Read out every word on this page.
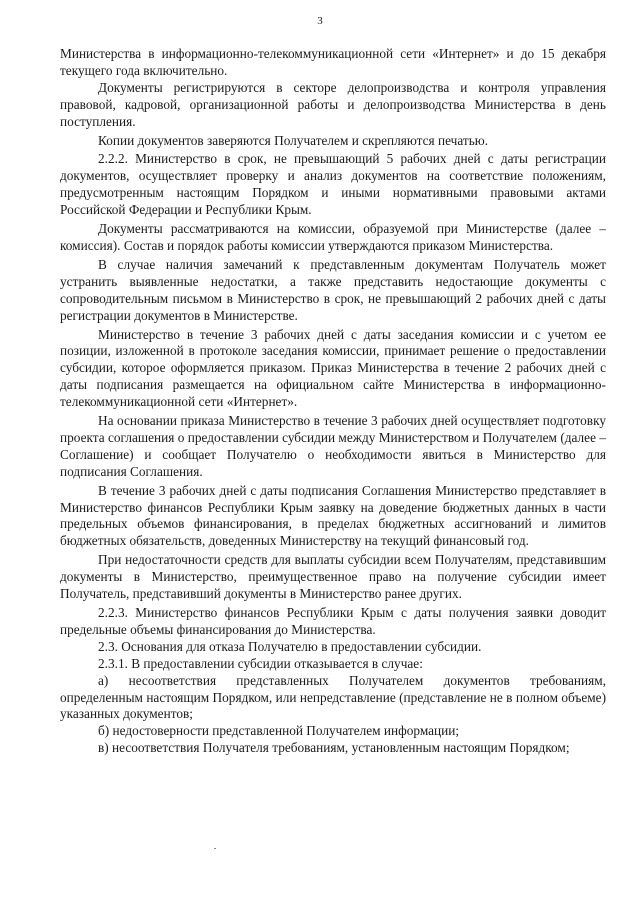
3

Министерства в информационно-телекоммуникационной сети «Интернет» и до 15 декабря текущего года включительно.

Документы регистрируются в секторе делопроизводства и контроля управления правовой, кадровой, организационной работы и делопроизводства Министерства в день поступления.

Копии документов заверяются Получателем и скрепляются печатью.

2.2.2. Министерство в срок, не превышающий 5 рабочих дней с даты регистрации документов, осуществляет проверку и анализ документов на соответствие положениям, предусмотренным настоящим Порядком и иными нормативными правовыми актами Российской Федерации и Республики Крым.

Документы рассматриваются на комиссии, образуемой при Министерстве (далее – комиссия). Состав и порядок работы комиссии утверждаются приказом Министерства.

В случае наличия замечаний к представленным документам Получатель может устранить выявленные недостатки, а также представить недостающие документы с сопроводительным письмом в Министерство в срок, не превышающий 2 рабочих дней с даты регистрации документов в Министерстве.

Министерство в течение 3 рабочих дней с даты заседания комиссии и с учетом ее позиции, изложенной в протоколе заседания комиссии, принимает решение о предоставлении субсидии, которое оформляется приказом. Приказ Министерства в течение 2 рабочих дней с даты подписания размещается на официальном сайте Министерства в информационно-телекоммуникационной сети «Интернет».

На основании приказа Министерство в течение 3 рабочих дней осуществляет подготовку проекта соглашения о предоставлении субсидии между Министерством и Получателем (далее – Соглашение) и сообщает Получателю о необходимости явиться в Министерство для подписания Соглашения.

В течение 3 рабочих дней с даты подписания Соглашения Министерство представляет в Министерство финансов Республики Крым заявку на доведение бюджетных данных в части предельных объемов финансирования, в пределах бюджетных ассигнований и лимитов бюджетных обязательств, доведенных Министерству на текущий финансовый год.

При недостаточности средств для выплаты субсидии всем Получателям, представившим документы в Министерство, преимущественное право на получение субсидии имеет Получатель, представивший документы в Министерство ранее других.

2.2.3. Министерство финансов Республики Крым с даты получения заявки доводит предельные объемы финансирования до Министерства.

2.3. Основания для отказа Получателю в предоставлении субсидии.

2.3.1. В предоставлении субсидии отказывается в случае:

а) несоответствия представленных Получателем документов требованиям, определенным настоящим Порядком, или непредставление (представление не в полном объеме) указанных документов;

б) недостоверности представленной Получателем информации;

в) несоответствия Получателя требованиям, установленным настоящим Порядком;
